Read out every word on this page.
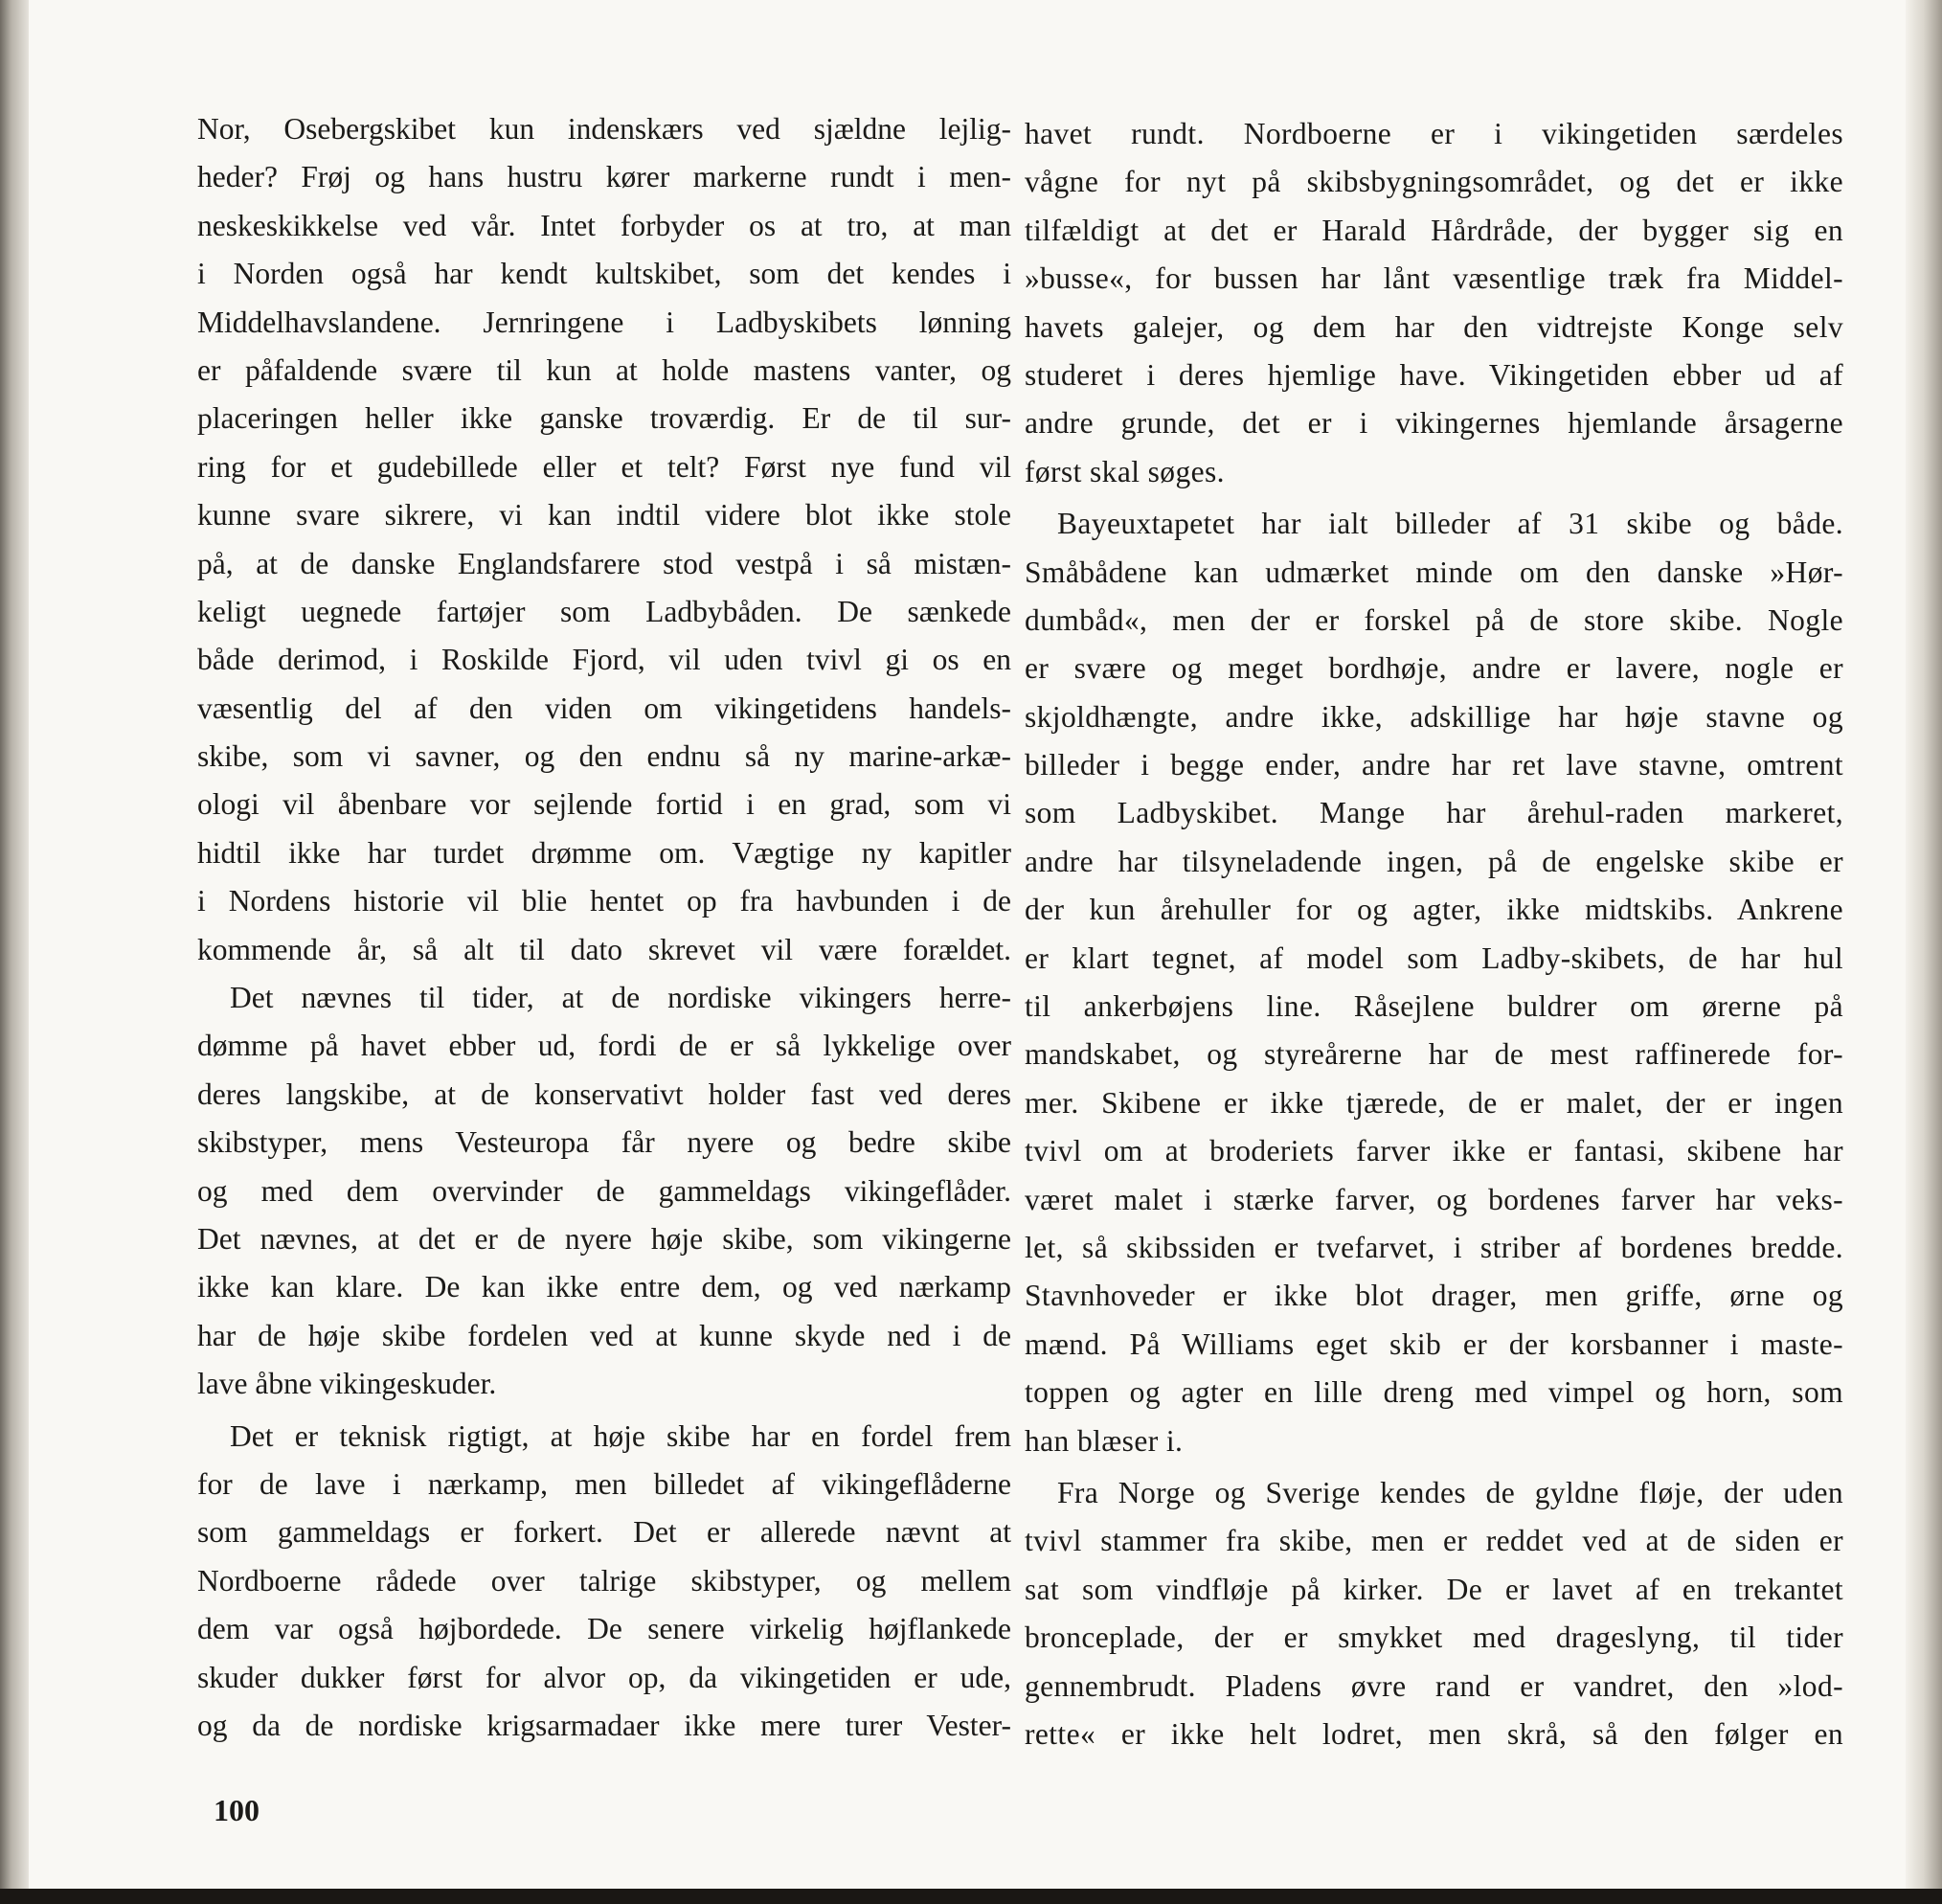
Nor, Osebergskibet kun indenskærs ved sjældne lejlig-
heder? Frøj og hans hustru kører markerne rundt i men-
neskeskikkelse ved vår. Intet forbyder os at tro, at man
i Norden også har kendt kultskibet, som det kendes i
Middelhavslandene. Jernringene i Ladbyskibets lønning
er påfaldende svære til kun at holde mastens vanter, og
placeringen heller ikke ganske troværdig. Er de til sur-
ring for et gudebillede eller et telt? Først nye fund vil
kunne svare sikrere, vi kan indtil videre blot ikke stole
på, at de danske Englandsfarere stod vestpå i så mistæn-
keligt uegnede fartøjer som Ladbybåden. De sænkede
både derimod, i Roskilde Fjord, vil uden tvivl gi os en
væsentlig del af den viden om vikingetidens handels-
skibe, som vi savner, og den endnu så ny marine-arkæ-
ologi vil åbenbare vor sejlende fortid i en grad, som vi
hidtil ikke har turdet drømme om. Vægtige ny kapitler
i Nordens historie vil blie hentet op fra havbunden i de
kommende år, så alt til dato skrevet vil være forældet.
Det nævnes til tider, at de nordiske vikingers herre-
dømme på havet ebber ud, fordi de er så lykkelige over
deres langskibe, at de konservativt holder fast ved deres
skibstyper, mens Vesteuropa får nyere og bedre skibe
og med dem overvinder de gammeldags vikingeflåder.
Det nævnes, at det er de nyere høje skibe, som vikingerne
ikke kan klare. De kan ikke entre dem, og ved nærkamp
har de høje skibe fordelen ved at kunne skyde ned i de
lave åbne vikingeskuder.
Det er teknisk rigtigt, at høje skibe har en fordel frem
for de lave i nærkamp, men billedet af vikingeflåderne
som gammeldags er forkert. Det er allerede nævnt at
Nordboerne rådede over talrige skibstyper, og mellem
dem var også højbordede. De senere virkelig højflankede
skuder dukker først for alvor op, da vikingetiden er ude,
og da de nordiske krigsarmadaer ikke mere turer Vester-
havet rundt. Nordboerne er i vikingetiden særdeles
vågne for nyt på skibsbygningsområdet, og det er ikke
tilfældigt at det er Harald Hårdråde, der bygger sig en
»busse«, for bussen har lånt væsentlige træk fra Middel-
havets galejer, og dem har den vidtrejste Konge selv
studeret i deres hjemlige have. Vikingetiden ebber ud af
andre grunde, det er i vikingernes hjemlande årsagerne
først skal søges.
Bayeuxtapetet har ialt billeder af 31 skibe og både.
Småbådene kan udmærket minde om den danske »Hør-
dumbåd«, men der er forskel på de store skibe. Nogle
er svære og meget bordhøje, andre er lavere, nogle er
skjoldhængte, andre ikke, adskillige har høje stavne og
billeder i begge ender, andre har ret lave stavne, omtrent
som Ladbyskibet. Mange har årehul-raden markeret,
andre har tilsyneladende ingen, på de engelske skibe er
der kun årehuller for og agter, ikke midtskibs. Ankrene
er klart tegnet, af model som Ladby-skibets, de har hul
til ankerbøjens line. Råsejlene buldrer om ørerne på
mandskabet, og styreårerne har de mest raffinerede for-
mer. Skibene er ikke tjærede, de er malet, der er ingen
tvivl om at broderiets farver ikke er fantasi, skibene har
været malet i stærke farver, og bordenes farver har veks-
let, så skibssiden er tvefarvet, i striber af bordenes bredde.
Stavnhoveder er ikke blot drager, men griffe, ørne og
mænd. På Williams eget skib er der korsbanner i maste-
toppen og agter en lille dreng med vimpel og horn, som
han blæser i.
Fra Norge og Sverige kendes de gyldne fløje, der uden
tvivl stammer fra skibe, men er reddet ved at de siden er
sat som vindfløje på kirker. De er lavet af en trekantet
bronceplade, der er smykket med drageslyng, til tider
gennembrudt. Pladens øvre rand er vandret, den »lod-
rette« er ikke helt lodret, men skrå, så den følger en
100
